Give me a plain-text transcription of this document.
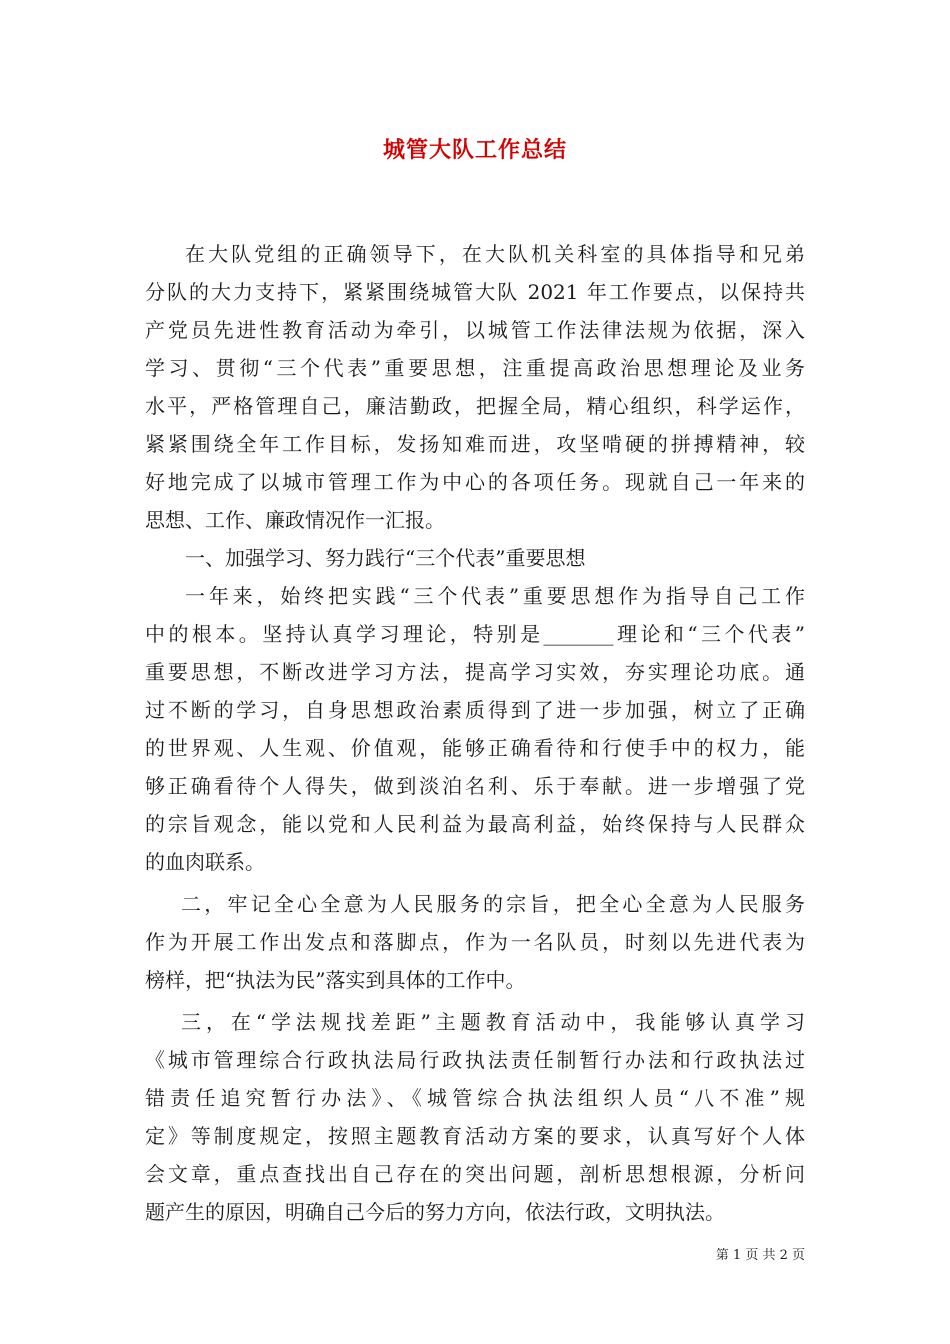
城管大队工作总结
在大队党组的正确领导下，在大队机关科室的具体指导和兄弟
分队的大力支持下，紧紧围绕城管大队 2021 年工作要点，以保持共
产党员先进性教育活动为牵引，以城管工作法律法规为依据，深入
学习、贯彻“三个代表”重要思想，注重提高政治思想理论及业务
水平，严格管理自己，廉洁勤政，把握全局，精心组织，科学运作，
紧紧围绕全年工作目标，发扬知难而进，攻坚啃硬的拼搏精神，较
好地完成了以城市管理工作为中心的各项任务。现就自己一年来的
思想、工作、廉政情况作一汇报。
一、加强学习、努力践行“三个代表”重要思想
一年来，始终把实践“三个代表”重要思想作为指导自己工作
中的根本。坚持认真学习理论，特别是_______理论和“三个代表”
重要思想，不断改进学习方法，提高学习实效，夯实理论功底。通
过不断的学习，自身思想政治素质得到了进一步加强，树立了正确
的世界观、人生观、价值观，能够正确看待和行使手中的权力，能
够正确看待个人得失，做到淡泊名利、乐于奉献。进一步增强了党
的宗旨观念，能以党和人民利益为最高利益，始终保持与人民群众
的血肉联系。
二，牢记全心全意为人民服务的宗旨，把全心全意为人民服务
作为开展工作出发点和落脚点，作为一名队员，时刻以先进代表为
榜样，把“执法为民”落实到具体的工作中。
三，在“学法规找差距”主题教育活动中，我能够认真学习
《城市管理综合行政执法局行政执法责任制暂行办法和行政执法过
错责任追究暂行办法》、《城管综合执法组织人员“八不准”规
定》等制度规定，按照主题教育活动方案的要求，认真写好个人体
会文章，重点查找出自己存在的突出问题，剖析思想根源，分析问
题产生的原因，明确自己今后的努力方向，依法行政，文明执法。
第 1 页 共 2 页
